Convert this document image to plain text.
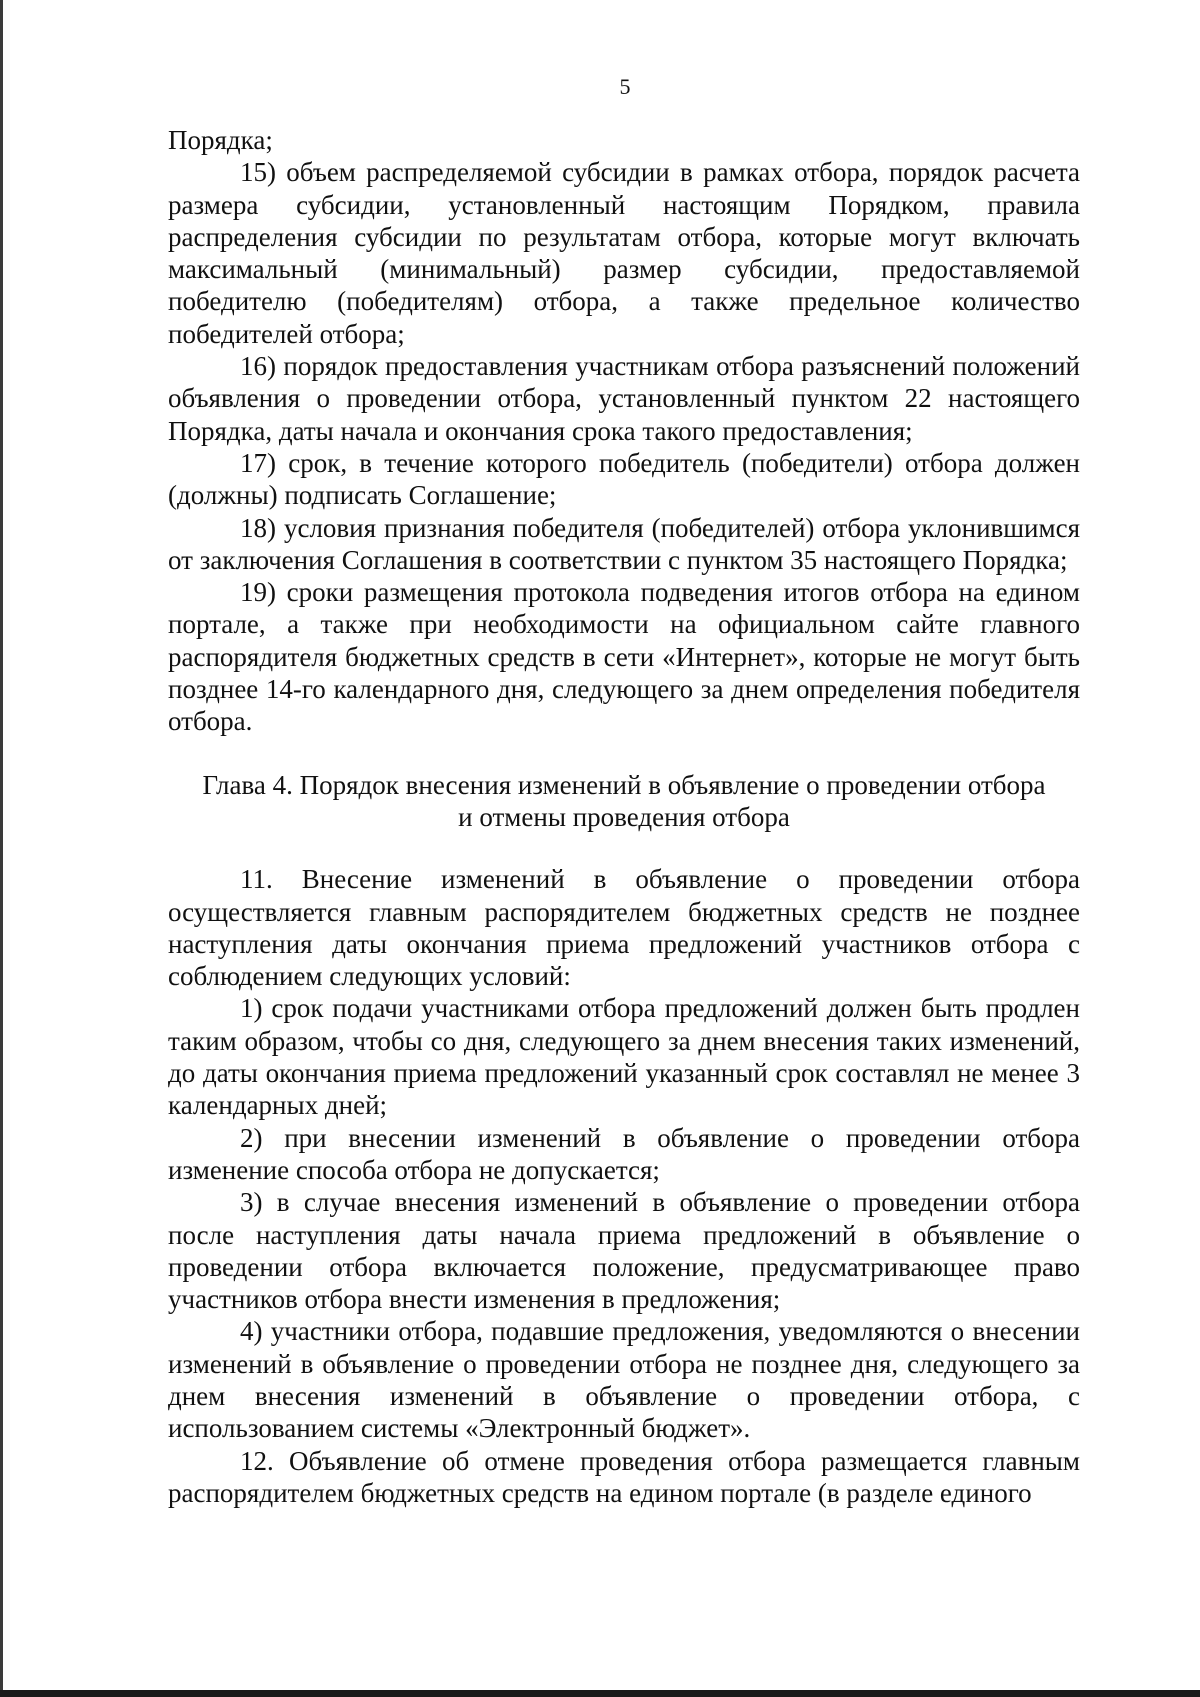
5

Порядка;

15) объем распределяемой субсидии в рамках отбора, порядок расчета размера субсидии, установленный настоящим Порядком, правила распределения субсидии по результатам отбора, которые могут включать максимальный (минимальный) размер субсидии, предоставляемой победителю (победителям) отбора, а также предельное количество победителей отбора;

16) порядок предоставления участникам отбора разъяснений положений объявления о проведении отбора, установленный пунктом 22 настоящего Порядка, даты начала и окончания срока такого предоставления;

17) срок, в течение которого победитель (победители) отбора должен (должны) подписать Соглашение;

18) условия признания победителя (победителей) отбора уклонившимся от заключения Соглашения в соответствии с пунктом 35 настоящего Порядка;

19) сроки размещения протокола подведения итогов отбора на едином портале, а также при необходимости на официальном сайте главного распорядителя бюджетных средств в сети «Интернет», которые не могут быть позднее 14-го календарного дня, следующего за днем определения победителя отбора.

Глава 4. Порядок внесения изменений в объявление о проведении отбора
и отмены проведения отбора

11. Внесение изменений в объявление о проведении отбора осуществляется главным распорядителем бюджетных средств не позднее наступления даты окончания приема предложений участников отбора с соблюдением следующих условий:

1) срок подачи участниками отбора предложений должен быть продлен таким образом, чтобы со дня, следующего за днем внесения таких изменений, до даты окончания приема предложений указанный срок составлял не менее 3 календарных дней;

2) при внесении изменений в объявление о проведении отбора изменение способа отбора не допускается;

3) в случае внесения изменений в объявление о проведении отбора после наступления даты начала приема предложений в объявление о проведении отбора включается положение, предусматривающее право участников отбора внести изменения в предложения;

4) участники отбора, подавшие предложения, уведомляются о внесении изменений в объявление о проведении отбора не позднее дня, следующего за днем внесения изменений в объявление о проведении отбора, с использованием системы «Электронный бюджет».

12. Объявление об отмене проведения отбора размещается главным распорядителем бюджетных средств на едином портале (в разделе единого
